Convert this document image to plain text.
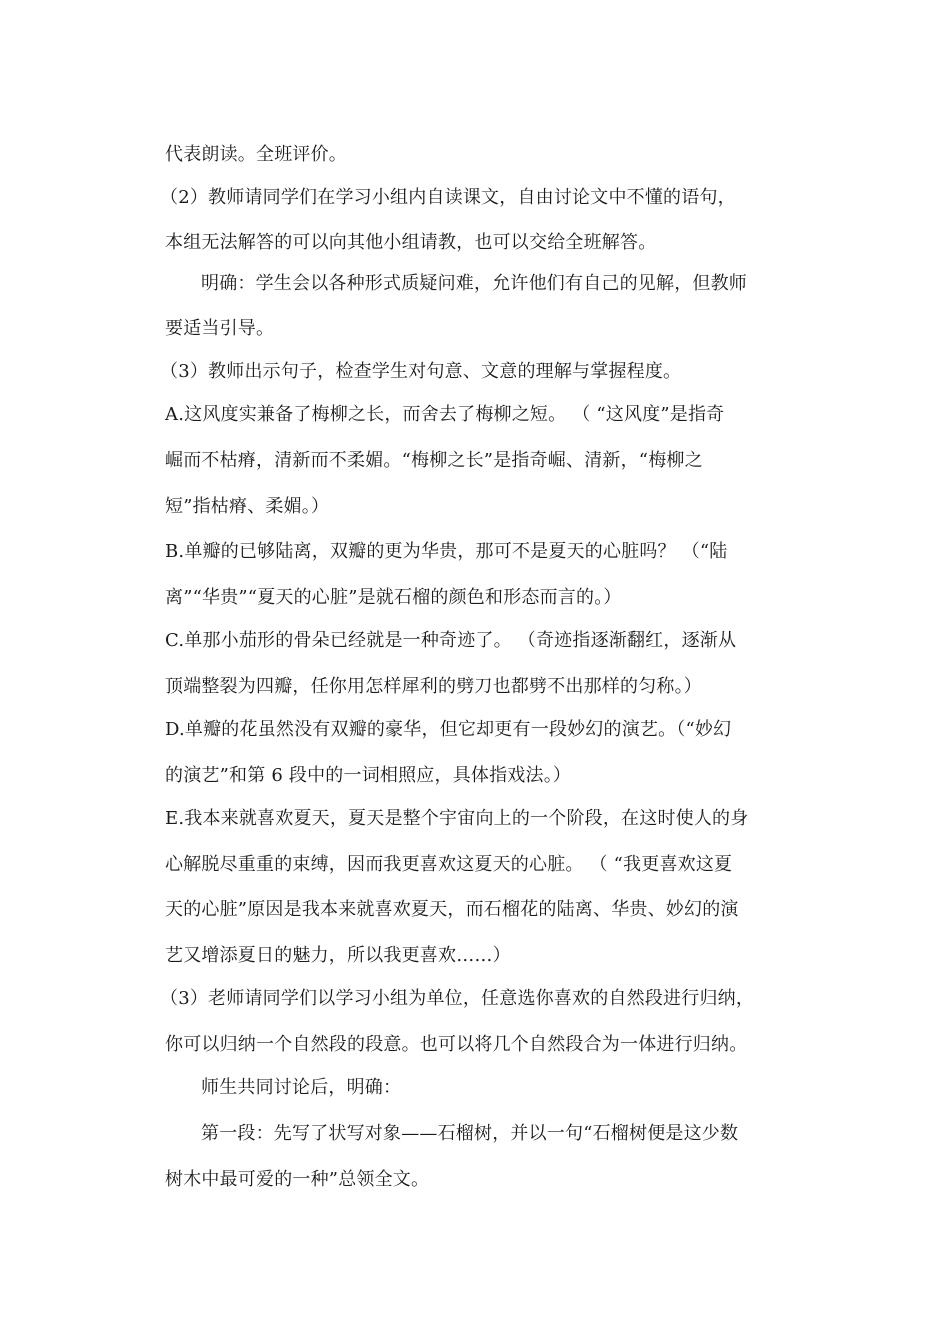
代表朗读。全班评价。
（2）教师请同学们在学习小组内自读课文，自由讨论文中不懂的语句，
本组无法解答的可以向其他小组请教，也可以交给全班解答。
明确：学生会以各种形式质疑问难，允许他们有自己的见解，但教师
要适当引导。
（3）教师出示句子，检查学生对句意、文意的理解与掌握程度。
A.这风度实兼备了梅柳之长，而舍去了梅柳之短。 （ “这风度”是指奇
崛而不枯瘠，清新而不柔媚。“梅柳之长”是指奇崛、清新，“梅柳之
短”指枯瘠、柔媚。）
B.单瓣的已够陆离，双瓣的更为华贵，那可不是夏天的心脏吗？ （“陆
离”“华贵”“夏天的心脏”是就石榴的颜色和形态而言的。）
C.单那小茄形的骨朵已经就是一种奇迹了。 （奇迹指逐渐翻红，逐渐从
顶端整裂为四瓣，任你用怎样犀利的劈刀也都劈不出那样的匀称。）
D.单瓣的花虽然没有双瓣的豪华，但它却更有一段妙幻的演艺。（“妙幻
的演艺”和第 6 段中的一词相照应，具体指戏法。）
E.我本来就喜欢夏天，夏天是整个宇宙向上的一个阶段，在这时使人的身
心解脱尽重重的束缚，因而我更喜欢这夏天的心脏。 （ “我更喜欢这夏
天的心脏”原因是我本来就喜欢夏天，而石榴花的陆离、华贵、妙幻的演
艺又增添夏日的魅力，所以我更喜欢……）
（3）老师请同学们以学习小组为单位，任意选你喜欢的自然段进行归纳，
你可以归纳一个自然段的段意。也可以将几个自然段合为一体进行归纳。
师生共同讨论后，明确：
第一段：先写了状写对象——石榴树，并以一句“石榴树便是这少数
树木中最可爱的一种”总领全文。
